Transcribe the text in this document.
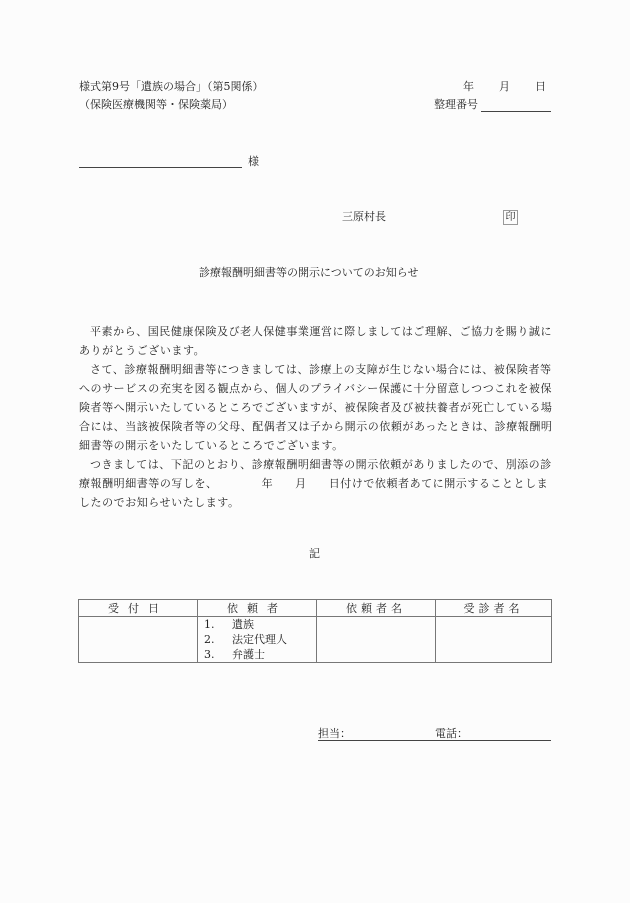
様式第9号「遺族の場合」（第5関係）
（保険医療機関等・保険薬局）
年 月 日
整理番号
様
三原村長	印
診療報酬明細書等の開示についてのお知らせ

平素から、国民健康保険及び老人保健事業運営に際しましてはご理解、ご協力を賜り誠にありがとうございます。

さて、診療報酬明細書等につきましては、診療上の支障が生じない場合には、被保険者等へのサービスの充実を図る観点から、個人のプライバシー保護に十分留意しつつこれを被保険者等へ開示いたしているところでございますが、被保険者及び被扶養者が死亡している場合には、当該被保険者等の父母、配偶者又は子から開示の依頼があったときは、診療報酬明細書等の開示をいたしているところでございます。

つきましては、下記のとおり、診療報酬明細書等の開示依頼がありましたので、別添の診療報酬明細書等の写しを、	年 月 日付けで依頼者あてに開示することとしましたのでお知らせいたします。

記
受付日	依頼者	依頼者名	受診者名

	1. 遺族
2. 法定代理人
3. 弁護士		

担当：	電話：
